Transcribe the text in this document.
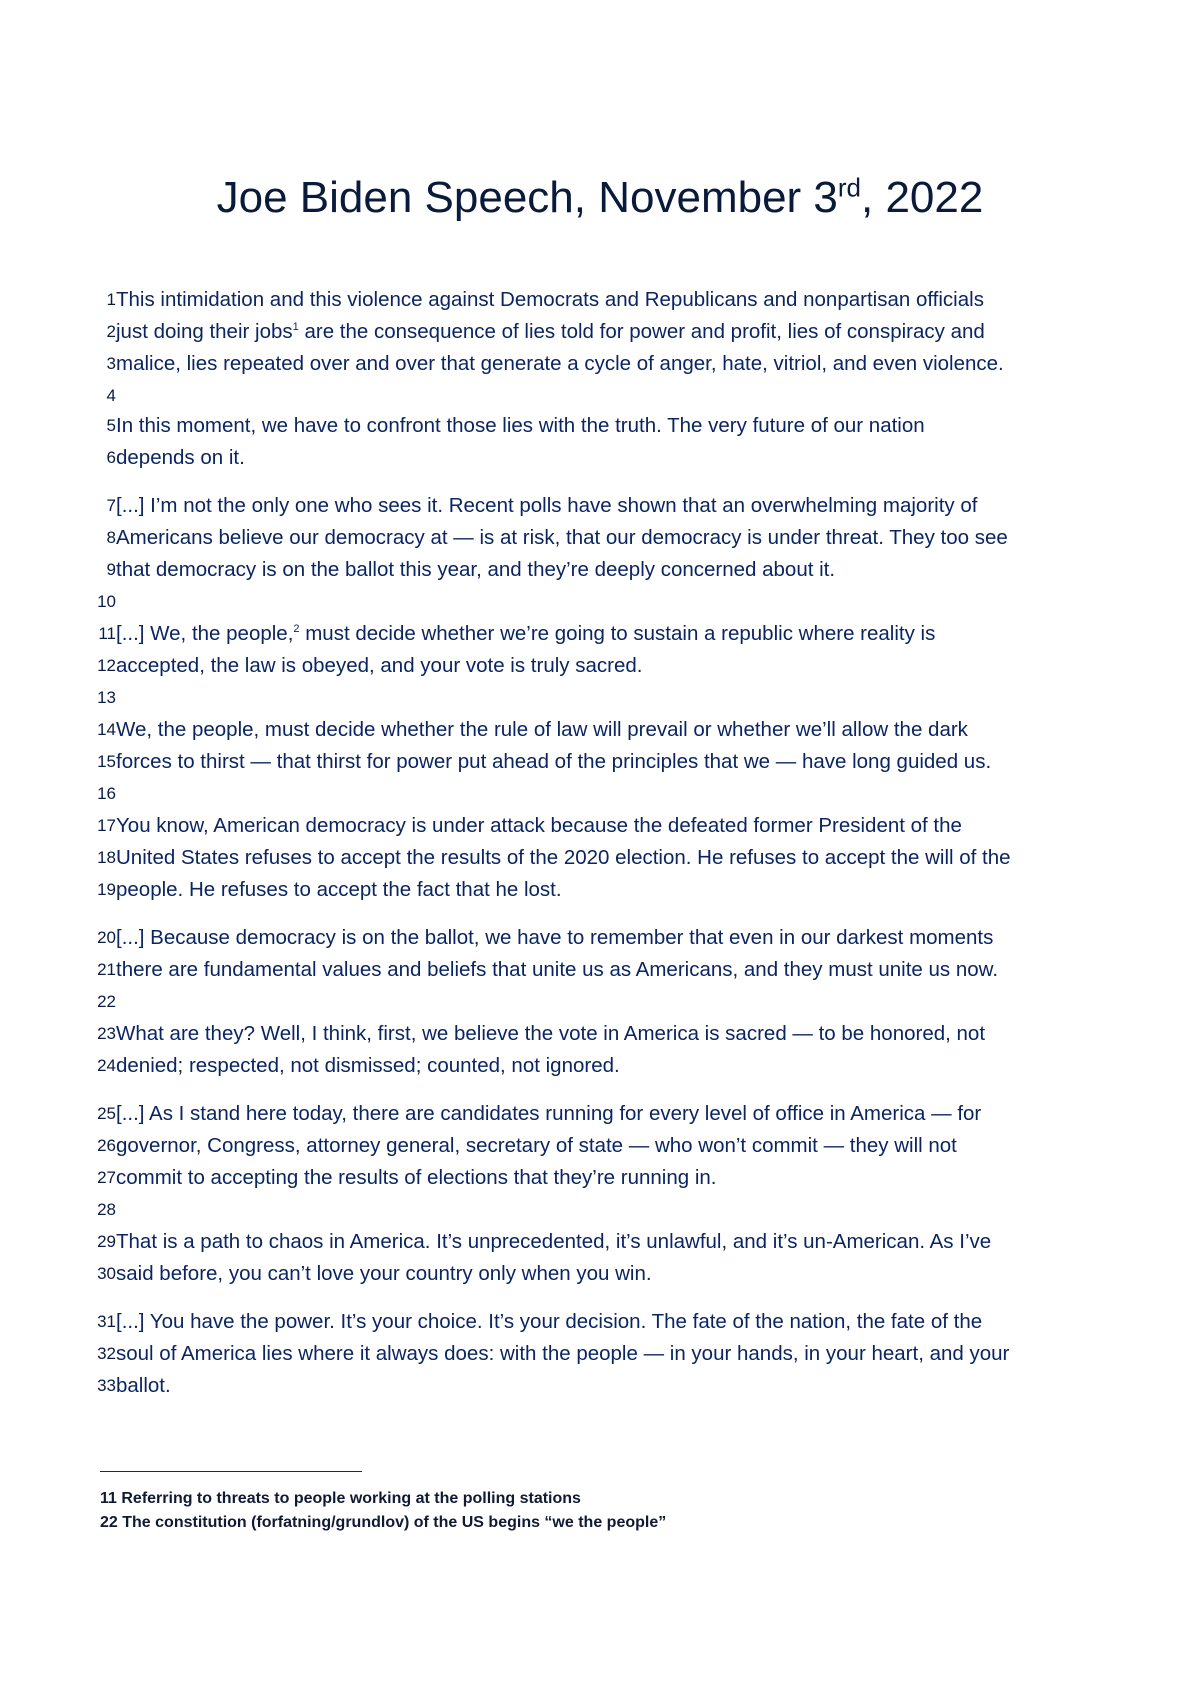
Joe Biden Speech, November 3rd, 2022
1 This intimidation and this violence against Democrats and Republicans and nonpartisan officials
2 just doing their jobs$^1$ are the consequence of lies told for power and profit, lies of conspiracy and
3 malice, lies repeated over and over that generate a cycle of anger, hate, vitriol, and even violence.
4
5 In this moment, we have to confront those lies with the truth. The very future of our nation
6 depends on it.
7 [...] I’m not the only one who sees it. Recent polls have shown that an overwhelming majority of
8 Americans believe our democracy at — is at risk, that our democracy is under threat. They too see
9 that democracy is on the ballot this year, and they’re deeply concerned about it.
10
11 [...] We, the people,$^2$ must decide whether we’re going to sustain a republic where reality is
12 accepted, the law is obeyed, and your vote is truly sacred.
13
14 We, the people, must decide whether the rule of law will prevail or whether we’ll allow the dark
15 forces to thirst — that thirst for power put ahead of the principles that we — have long guided us.
16
17 You know, American democracy is under attack because the defeated former President of the
18 United States refuses to accept the results of the 2020 election. He refuses to accept the will of the
19 people. He refuses to accept the fact that he lost.
20 [...] Because democracy is on the ballot, we have to remember that even in our darkest moments
21 there are fundamental values and beliefs that unite us as Americans, and they must unite us now.
22
23 What are they? Well, I think, first, we believe the vote in America is sacred — to be honored, not
24 denied; respected, not dismissed; counted, not ignored.
25 [...] As I stand here today, there are candidates running for every level of office in America — for
26 governor, Congress, attorney general, secretary of state — who won’t commit — they will not
27 commit to accepting the results of elections that they’re running in.
28
29 That is a path to chaos in America. It’s unprecedented, it’s unlawful, and it’s un-American. As I’ve
30 said before, you can’t love your country only when you win.
31 [...] You have the power. It’s your choice. It’s your decision. The fate of the nation, the fate of the
32 soul of America lies where it always does: with the people — in your hands, in your heart, and your
33 ballot.
11 Referring to threats to people working at the polling stations
22 The constitution (forfatning/grundlov) of the US begins “we the people”
